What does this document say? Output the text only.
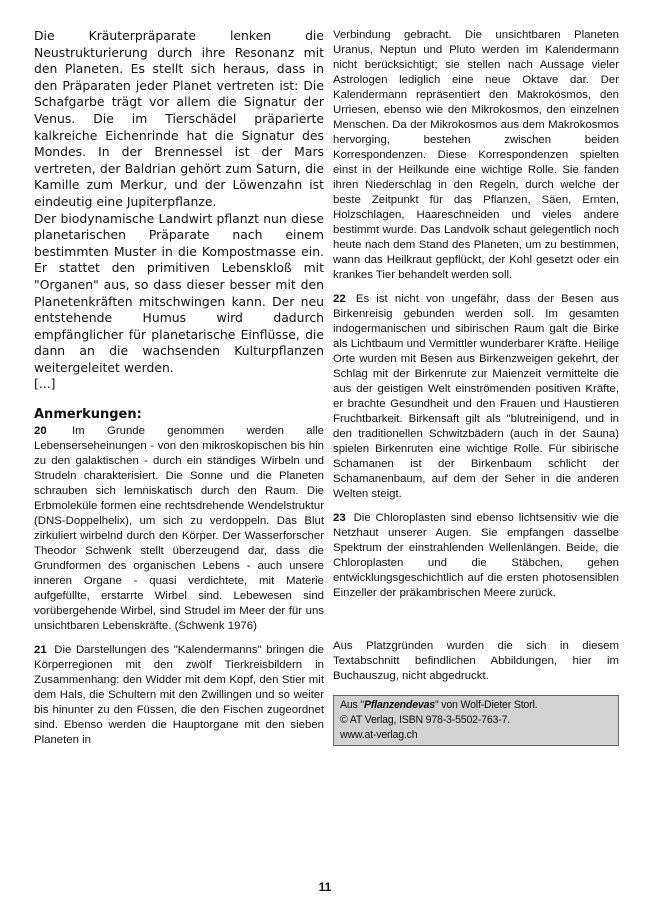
Die Kräuterpräparate lenken die Neustrukturierung durch ihre Resonanz mit den Planeten. Es stellt sich heraus, dass in den Präparaten jeder Planet vertreten ist: Die Schafgarbe trägt vor allem die Signatur der Venus. Die im Tierschädel präparierte kalkreiche Eichenrinde hat die Signatur des Mondes. In der Brennessel ist der Mars vertreten, der Baldrian gehört zum Saturn, die Kamille zum Merkur, und der Löwenzahn ist eindeutig eine Jupiterpflanze.

Der biodynamische Landwirt pflanzt nun diese planetarischen Präparate nach einem bestimmten Muster in die Kompostmasse ein. Er stattet den primitiven Lebenskloß mit "Organen" aus, so dass dieser besser mit den Planetenkräften mitschwingen kann. Der neu entstehende Humus wird dadurch empfänglicher für planetarische Einflüsse, die dann an die wachsenden Kulturpflanzen weitergeleitet werden.

[...]

Anmerkungen:

20 Im Grunde genommen werden alle Lebenserseheinungen - von den mikroskopischen bis hin zu den galaktischen - durch ein ständiges Wirbeln und Strudeln charakterisiert. Die Sonne und die Planeten schrauben sich lemniskatisch durch den Raum. Die Erbmoleküle formen eine rechtsdrehende Wendelstruktur (DNS-Doppelhelix), um sich zu verdoppeln. Das Blut zirkuliert wirbelnd durch den Körper. Der Wasserforscher Theodor Schwenk stellt überzeugend dar, dass die Grundformen des organischen Lebens - auch unsere inneren Organe - quasi verdichtete, mit Materie aufgefüllte, erstarrte Wirbel sind. Lebewesen sind vorübergehende Wirbel, sind Strudel im Meer der für uns unsichtbaren Lebenskräfte. (Schwenk 1976)

21 Die Darstellungen des "Kalendermanns" bringen die Körperregionen mit den zwölf Tierkreisbildern in Zusammenhang: den Widder mit dem Kopf, den Stier mit dem Hals, die Schultern mit den Zwillingen und so weiter bis hinunter zu den Füssen, die den Fischen zugeordnet sind. Ebenso werden die Hauptorgane mit den sieben Planeten in

Verbindung gebracht. Die unsichtbaren Planeten Uranus, Neptun und Pluto werden im Kalendermann nicht berücksichtigt; sie stellen nach Aussage vieler Astrologen lediglich eine neue Oktave dar. Der Kalendermann repräsentiert den Makrokosmos, den Urriesen, ebenso wie den Mikrokosmos, den einzelnen Menschen. Da der Mikrokosmos aus dem Makrokosmos hervorging, bestehen zwischen beiden Korrespondenzen. Diese Korrespondenzen spielten einst in der Heilkunde eine wichtige Rolle. Sie fanden ihren Niederschlag in den Regeln, durch welche der beste Zeitpunkt für das Pflanzen, Säen, Ernten, Holzschlagen, Haareschneiden und vieles andere bestimmt wurde. Das Landvolk schaut gelegentlich noch heute nach dem Stand des Planeten, um zu bestimmen, wann das Heilkraut gepflückt, der Kohl gesetzt oder ein krankes Tier behandelt werden soll.

22 Es ist nicht von ungefähr, dass der Besen aus Birkenreisig gebunden werden soll. Im gesamten indogermanischen und sibirischen Raum galt die Birke als Lichtbaum und Vermittler wunderbarer Kräfte. Heilige Orte wurden mit Besen aus Birkenzweigen gekehrt, der Schlag mit der Birkenrute zur Maienzeit vermittelte die aus der geistigen Welt einströmenden positiven Kräfte, er brachte Gesundheit und den Frauen und Haustieren Fruchtbarkeit. Birkensaft gilt als "blutreinigend, und in den traditionellen Schwitzbädern (auch in der Sauna) spielen Birkenruten eine wichtige Rolle. Für sibirische Schamanen ist der Birkenbaum schlicht der Schamanenbaum, auf dem der Seher in die anderen Welten steigt.

23 Die Chloroplasten sind ebenso lichtsensitiv wie die Netzhaut unserer Augen. Sie empfangen dasselbe Spektrum der einstrahlenden Wellenlängen. Beide, die Chloroplasten und die Stäbchen, gehen entwicklungsgeschichtlich auf die ersten photosensiblen Einzeller der präkambrischen Meere zurück.

Aus Platzgründen wurden die sich in diesem Textabschnitt befindlichen Abbildungen, hier im Buchauszug, nicht abgedruckt.

Aus "Pflanzendevas" von Wolf-Dieter Storl.
© AT Verlag, ISBN 978-3-5502-763-7.
www.at-verlag.ch
11
